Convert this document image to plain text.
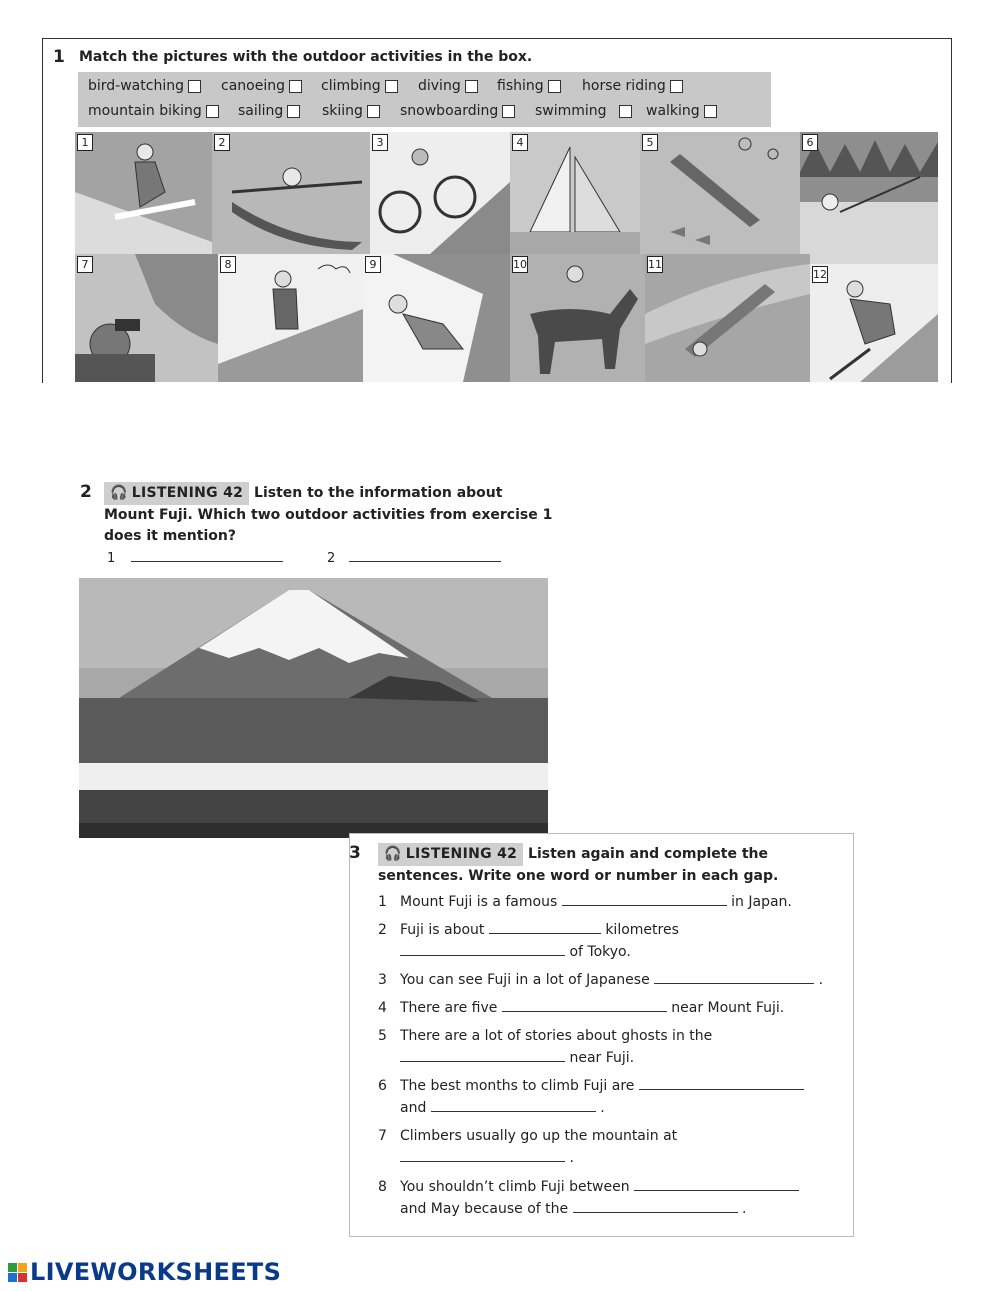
1 Match the pictures with the outdoor activities in the box.
bird-watching	canoeing	climbing	diving	fishing	horse riding
mountain biking	sailing	skiing	snowboarding	swimming	walking
1	2	3	4	5	6
7	8	9	10	11
12
2 🎧 LISTENING 42 Listen to the information about Mount Fuji. Which two outdoor activities from exercise 1 does it mention?
1	2
3 🎧 LISTENING 42 Listen again and complete the sentences. Write one word or number in each gap.
1 Mount Fuji is a famous	in Japan.
2 Fuji is about	kilometres
of Tokyo.
3 You can see Fuji in a lot of Japanese	.
4 There are five	near Mount Fuji.
5 There are a lot of stories about ghosts in the
near Fuji.
6 The best months to climb Fuji are
and	.
7 Climbers usually go up the mountain at
.
8 You shouldn’t climb Fuji between
and May because of the	.
LIVEWORKSHEETS
